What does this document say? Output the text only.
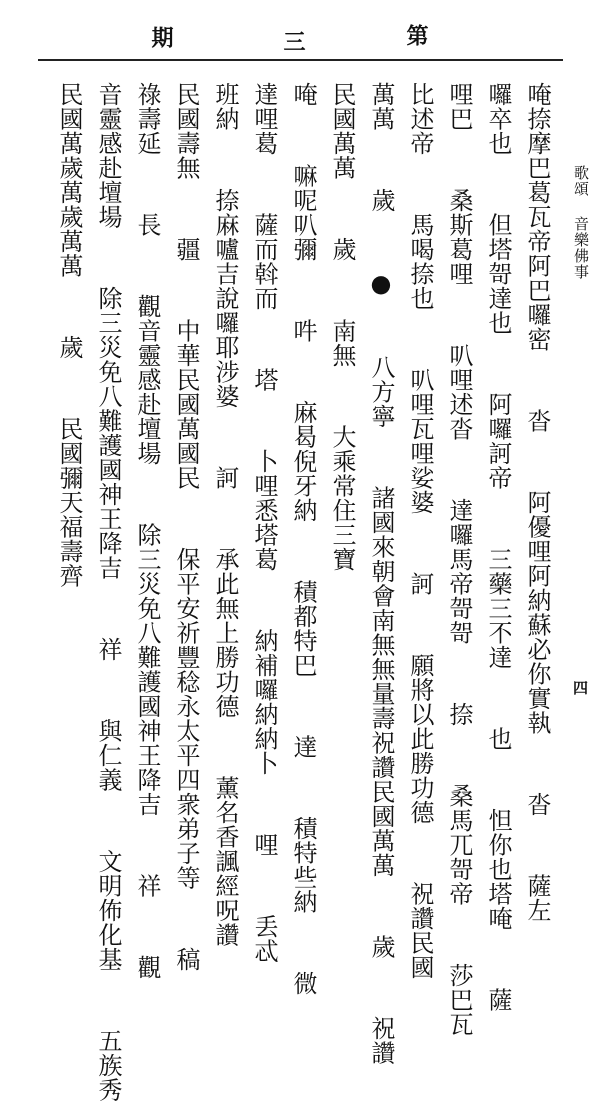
第
三
期
歌頌 音樂佛事
四
唵捺摩巴葛瓦帝阿巴囉密  沓  阿優哩阿納蘇必你實執  沓  薩左
囉卒也  但塔哿達也  阿囉訶帝  三藥三不達  也  怛你也塔唵  薩
哩巴  桑斯葛哩  叭哩述沓  達囉馬帝哿哿  捺  桑馬兀哿帝  莎巴瓦
比述帝  馬喝捺也  叭哩瓦哩娑婆  訶  願將以此勝功德  祝讚民國
萬萬  歲  ●  八方寧  諸國來朝會南無無量壽祝讚民國萬萬  歲  祝讚
民國萬萬  歲  南無  大乘常住三寶
唵  嘛呢叭彌  吽  麻曷倪牙納  積都特巴  達  積特些納  微
達哩葛  薩而斡而  塔  卜哩悉塔葛  納補囉納納卜  哩  丢忒
班納  捺麻嚧吉說囉耶涉婆  訶  承此無上勝功德  薰名香諷經呪讚
民國壽無  疆  中華民國萬國民  保平安祈豐稔永太平四衆弟子等  稿
祿壽延  長  觀音靈感赴壇場  除三災免八難護國神王降吉  祥  觀
音靈感赴壇場  除三災免八難護國神王降吉  祥  與仁義  文明佈化基  五族秀
民國萬歲萬歲萬萬  歲  民國彌天福壽齊
